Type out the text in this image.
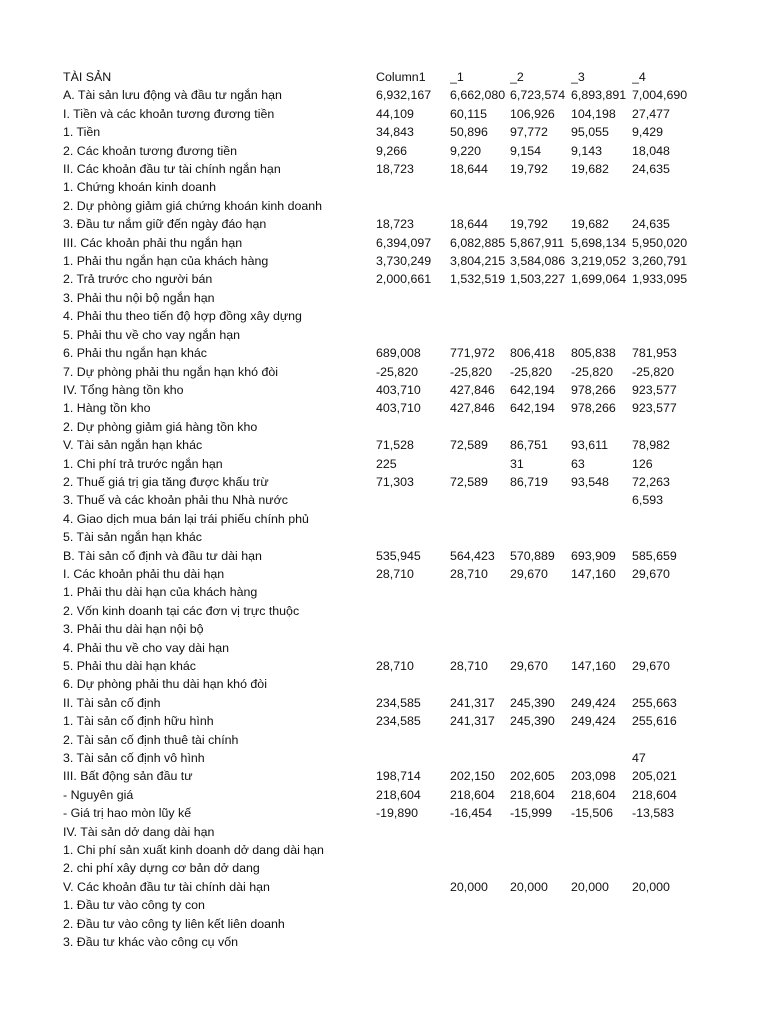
TÀI SẢN	Column1	_1	_2	_3	_4
A. Tài sản lưu động và đầu tư ngắn hạn	6,932,167	6,662,080	6,723,574	6,893,891	7,004,690
I. Tiền và các khoản tương đương tiền	44,109	60,115	106,926	104,198	27,477
1. Tiền	34,843	50,896	97,772	95,055	9,429
2. Các khoản tương đương tiền	9,266	9,220	9,154	9,143	18,048
II. Các khoản đầu tư tài chính ngắn hạn	18,723	18,644	19,792	19,682	24,635
1. Chứng khoán kinh doanh					
2. Dự phòng giảm giá chứng khoán kinh doanh					
3. Đầu tư nắm giữ đến ngày đáo hạn	18,723	18,644	19,792	19,682	24,635
III. Các khoản phải thu ngắn hạn	6,394,097	6,082,885	5,867,911	5,698,134	5,950,020
1. Phải thu ngắn hạn của khách hàng	3,730,249	3,804,215	3,584,086	3,219,052	3,260,791
2. Trả trước cho người bán	2,000,661	1,532,519	1,503,227	1,699,064	1,933,095
3. Phải thu nội bộ ngắn hạn					
4. Phải thu theo tiến độ hợp đồng xây dựng					
5. Phải thu về cho vay ngắn hạn					
6. Phải thu ngắn hạn khác	689,008	771,972	806,418	805,838	781,953
7. Dự phòng phải thu ngắn hạn khó đòi	-25,820	-25,820	-25,820	-25,820	-25,820
IV. Tổng hàng tồn kho	403,710	427,846	642,194	978,266	923,577
1. Hàng tồn kho	403,710	427,846	642,194	978,266	923,577
2. Dự phòng giảm giá hàng tồn kho					
V. Tài sản ngắn hạn khác	71,528	72,589	86,751	93,611	78,982
1. Chi phí trả trước ngắn hạn	225		31	63	126
2. Thuế giá trị gia tăng được khấu trừ	71,303	72,589	86,719	93,548	72,263
3. Thuế và các khoản phải thu Nhà nước					6,593
4. Giao dịch mua bán lại trái phiếu chính phủ					
5. Tài sản ngắn hạn khác					
B. Tài sản cố định và đầu tư dài hạn	535,945	564,423	570,889	693,909	585,659
I. Các khoản phải thu dài hạn	28,710	28,710	29,670	147,160	29,670
1. Phải thu dài hạn của khách hàng					
2. Vốn kinh doanh tại các đơn vị trực thuộc					
3. Phải thu dài hạn nội bộ					
4. Phải thu về cho vay dài hạn					
5. Phải thu dài hạn khác	28,710	28,710	29,670	147,160	29,670
6. Dự phòng phải thu dài hạn khó đòi					
II. Tài sản cố định	234,585	241,317	245,390	249,424	255,663
1. Tài sản cố định hữu hình	234,585	241,317	245,390	249,424	255,616
2. Tài sản cố định thuê tài chính					
3. Tài sản cố định vô hình					47
III. Bất động sản đầu tư	198,714	202,150	202,605	203,098	205,021
- Nguyên giá	218,604	218,604	218,604	218,604	218,604
- Giá trị hao mòn lũy kế	-19,890	-16,454	-15,999	-15,506	-13,583
IV. Tài sản dở dang dài hạn					
1. Chi phí sản xuất kinh doanh dở dang dài hạn					
2. chi phí xây dựng cơ bản dở dang					
V. Các khoản đầu tư tài chính dài hạn		20,000	20,000	20,000	20,000
1. Đầu tư vào công ty con					
2. Đầu tư vào công ty liên kết liên doanh					
3. Đầu tư khác vào công cụ vốn					
